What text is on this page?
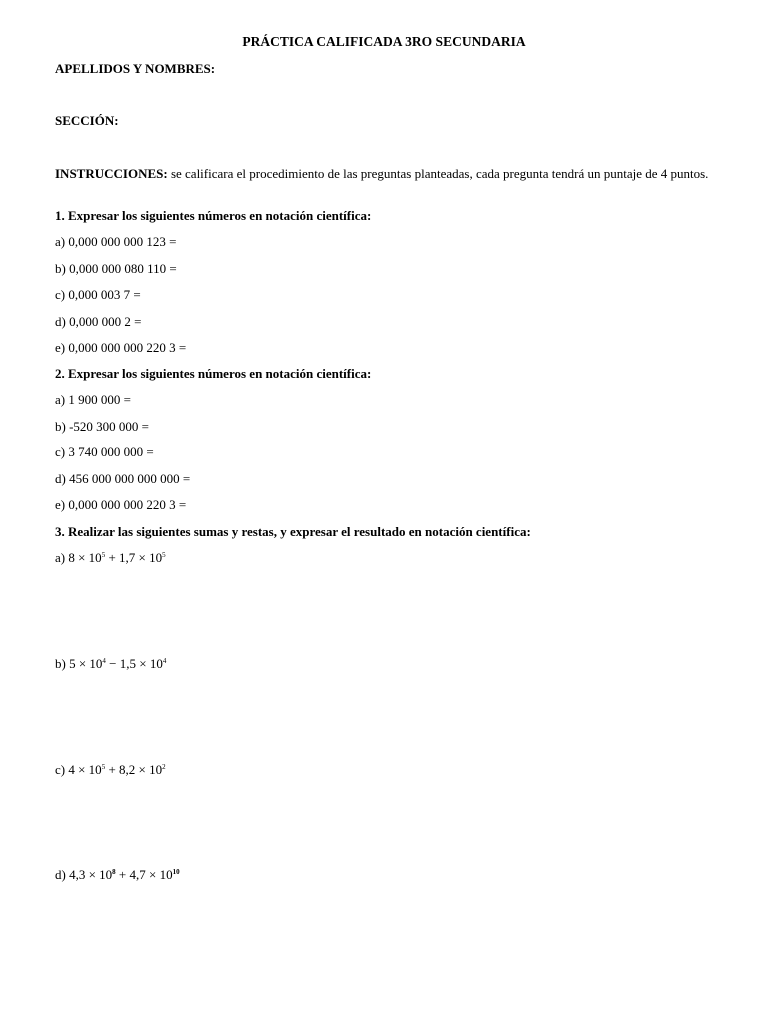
PRÁCTICA CALIFICADA 3RO SECUNDARIA
APELLIDOS Y NOMBRES:
SECCIÓN:
INSTRUCCIONES: se calificara el procedimiento de las preguntas planteadas, cada pregunta tendrá un puntaje de 4 puntos.
1. Expresar los siguientes números en notación científica:
a) 0,000 000 000 123 =
b) 0,000 000 080 110 =
c) 0,000 003 7 =
d) 0,000 000 2 =
e) 0,000 000 000 220 3 =
2. Expresar los siguientes números en notación científica:
a) 1 900 000 =
b) -520 300 000 =
c) 3 740 000 000 =
d) 456 000 000 000 000 =
e) 0,000 000 000 220 3 =
3. Realizar las siguientes sumas y restas, y expresar el resultado en notación científica:
a) $8 \times 10^5 + 1,7 \times 10^5$
b) $5 \times 10^4 - 1,5 \times 10^4$
c) $4 \times 10^5 + 8,2 \times 10^2$
d) $4,3 \times 10^8 + 4,7 \times 10^{10}$
